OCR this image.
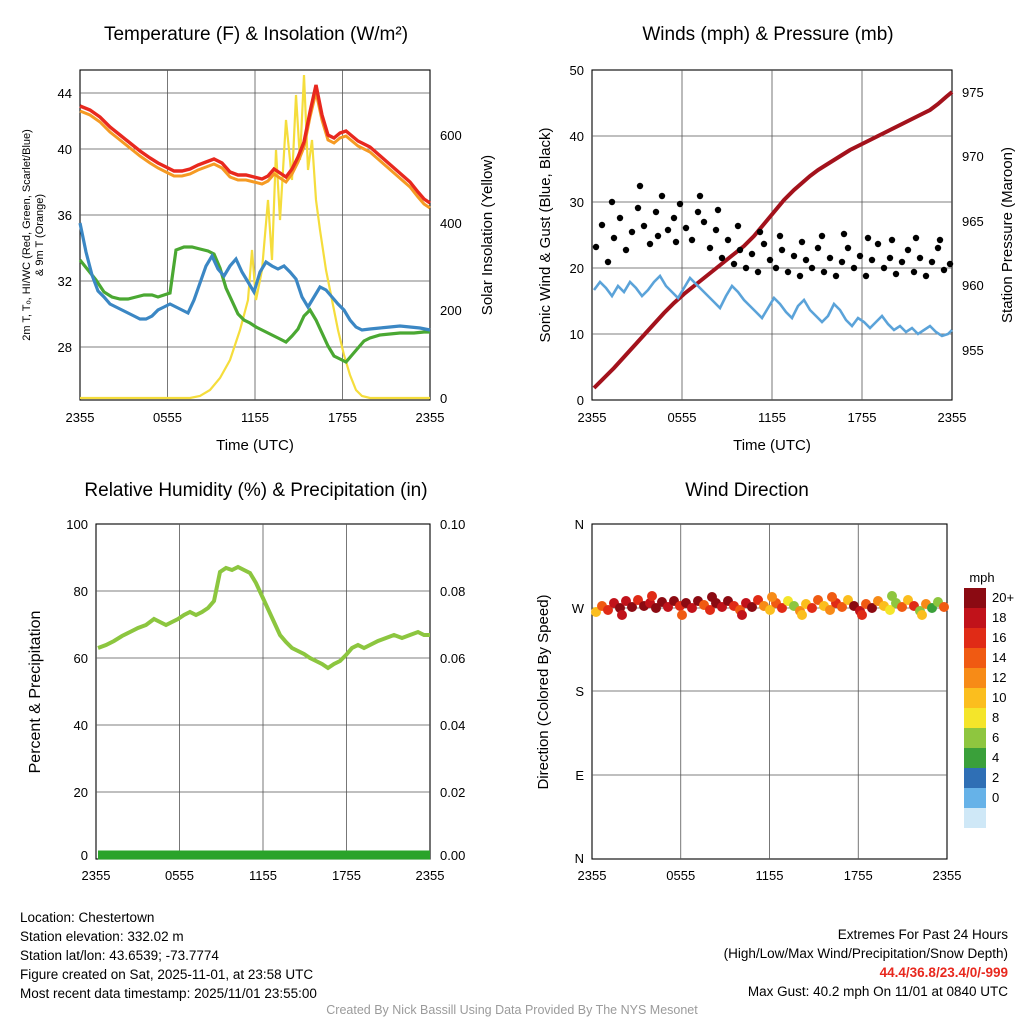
Temperature (F) & Insolation (W/m²)
28
32
36
40
44
0
200
400
600
2355	0555	1155	1755	2355
Time (UTC)
2m T, Tₒ, HI/WC (Red, Green, Scarlet/Blue) & 9m T (Orange)	Solar Insolation (Yellow)
Winds (mph) & Pressure (mb)
0
10
20
30
40
50
955
960
965
970
975
2355	0555	1155	1755	2355
Time (UTC)
Sonic Wind & Gust (Blue, Black)	Station Pressure (Maroon)
Relative Humidity (%) & Precipitation (in)
0
20
40
60
80
100
0.00
0.02
0.04
0.06
0.08
0.10
2355	0555	1155	1755	2355
Percent & Precipitation
Wind Direction
N
W
S
E
N
2355	0555	1155	1755	2355
Direction (Colored By Speed)
mph
20+
18
16
14
12
10
8
6
4
2
0
Location: Chestertown
Station elevation: 332.02 m
Station lat/lon: 43.6539; -73.7774
Figure created on Sat, 2025-11-01, at 23:58 UTC
Most recent data timestamp: 2025/11/01 23:55:00
Extremes For Past 24 Hours
(High/Low/Max Wind/Precipitation/Snow Depth)
44.4/36.8/23.4/0/-999
Max Gust: 40.2 mph On 11/01 at 0840 UTC
Created By Nick Bassill Using Data Provided By The NYS Mesonet
